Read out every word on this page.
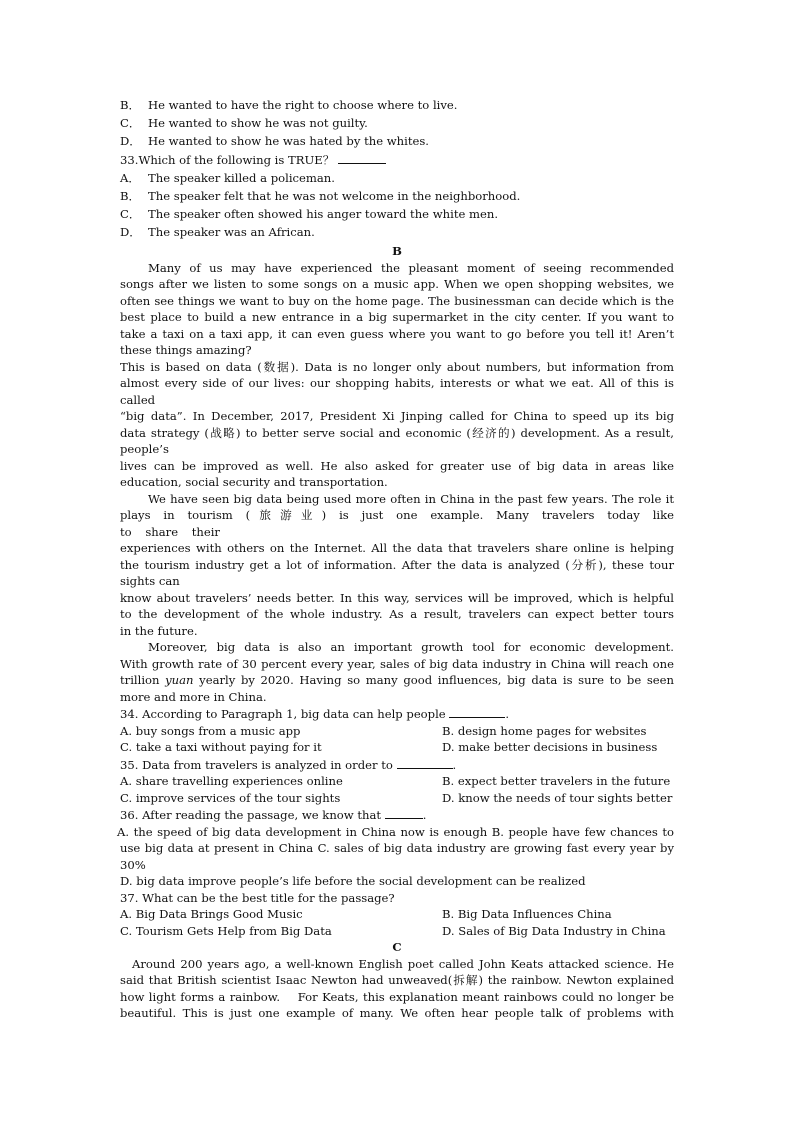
B． He wanted to have the right to choose where to live.
C． He wanted to show he was not guilty.
D． He wanted to show he was hated by the whites.
33.Which of the following is TRUE？
A． The speaker killed a policeman.
B． The speaker felt that he was not welcome in the neighborhood.
C． The speaker often showed his anger toward the white men.
D． The speaker was an African.
B
Many of us may have experienced the pleasant moment of seeing recommended
songs after we listen to some songs on a music app. When we open shopping websites, we
often see things we want to buy on the home page. The businessman can decide which is the
best place to build a new entrance in a big supermarket in the city center. If you want to
take a taxi on a taxi app, it can even guess where you want to go before you tell it! Aren’t
these things amazing?
This is based on data (数据). Data is no longer only about numbers, but information from
almost every side of our lives: our shopping habits, interests or what we eat. All of this is
called
“big data”. In December, 2017, President Xi Jinping called for China to speed up its big
data strategy (战略) to better serve social and economic (经济的) development. As a result,
people’s
lives can be improved as well. He also asked for greater use of big data in areas like
education, social security and transportation.
We have seen big data being used more often in China in the past few years. The role it
plays in tourism (旅游业) is just one example. Many travelers today like
to share their
experiences with others on the Internet. All the data that travelers share online is helping
the tourism industry get a lot of information. After the data is analyzed (分析), these tour
sights can
know about travelers’ needs better. In this way, services will be improved, which is helpful
to the development of the whole industry. As a result, travelers can expect better tours
in the future.
Moreover, big data is also an important growth tool for economic development.
With growth rate of 30 percent every year, sales of big data industry in China will reach one
trillion yuan yearly by 2020. Having so many good influences, big data is sure to be seen
more and more in China.
34. According to Paragraph 1, big data can help people	.
A. buy songs from a music app	B. design home pages for websites
C. take a taxi without paying for it	D. make better decisions in business
35. Data from travelers is analyzed in order to	.
A. share travelling experiences online	B. expect better travelers in the future
C. improve services of the tour sights	D. know the needs of tour sights better
36. After reading the passage, we know that	.
A. the speed of big data development in China now is enough B. people have few chances to
use big data at present in China C. sales of big data industry are growing fast every year by
30%
D. big data improve people’s life before the social development can be realized
37. What can be the best title for the passage?
A. Big Data Brings Good Music	B. Big Data Influences China
C. Tourism Gets Help from Big Data	D. Sales of Big Data Industry in China
C
Around 200 years ago, a well-known English poet called John Keats attacked science. He
said that British scientist Isaac Newton had unweaved(拆解) the rainbow. Newton explained
how light forms a rainbow.    For Keats, this explanation meant rainbows could no longer be
beautiful. This is just one example of many. We often hear people talk of problems with
